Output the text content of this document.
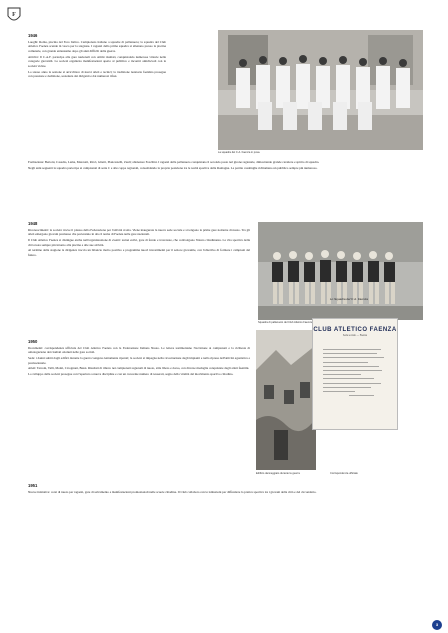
F
1946

Luoghi: Roma, piscina del Foro Italico. Campionato italiano a squadre di pallanuoto; la squadra del Club Atletico Faenza scende in vasca per la stagione. I ragazzi della prima squadra si allenano presso la piscina comunale, con grande entusiasmo dopo gli anni difficili della guerra.

Attività: Il C.A.F. partecipa alle gare nazionali con ottimi risultati, conquistando numerose vittorie nelle categorie giovanili. La società organizza manifestazioni aperte al pubblico e incontri amichevoli con le società vicine.

Lo stesso anno la sezione si arricchisce di nuovi atleti e tecnici; la tradizione natatoria faentina prosegue con passione e dedizione, sostenuta dai dirigenti e dai numerosi tifosi.

La squadra del C.A. Faenza in posa.

Formazione: Bertoni, Casadio, Lama, Mazzotti, Ricci, Ghetti, Piancastelli, Zauli; allenatore Foschini. I ragazzi della pallanuoto conquistano il secondo posto nel girone regionale, dimostrando grande carattere e spirito di squadra.

Negli anni seguenti la squadra partecipa ai campionati di serie C e alle coppe regionali, consolidando la propria posizione tra le realtà sportive della Romagna. Le partite casalinghe richiamano un pubblico sempre più numeroso.

1948

Riconoscimenti: la società riceve il plauso della Federazione per l'attività svolta. Viene inaugurata la nuova sede sociale e si tengono le prime gare notturne di nuoto. Tra gli atleti emergono giovani promesse che porteranno in alto il nome di Faenza nelle gare nazionali.

Il Club Atletico Faenza si distingue anche nell'organizzazione di eventi: tornei estivi, gare di fondo e traversate, che coinvolgono l'intera cittadinanza. La vita sportiva della città ruota sempre più intorno alla piscina e alle sue attività.

Al termine della stagione la dirigenza traccia un bilancio molto positivo e programma nuovi investimenti per il settore giovanile, con l'obiettivo di formare i campioni del futuro.

Lo Squadra del C.A. Faenza
Squadra di pallanuoto del Club Atletico Faenza
1950

Documenti: corrispondenza ufficiale del Club Atletico Faenza con la Federazione Italiana Nuoto. Le lettere testimoniano l'iscrizione ai campionati e la richiesta di omologazione dei risultati ottenuti nelle gare sociali.

Sede: i danni subiti dagli edifici durante la guerra vengono lentamente riparati; la società si impegna nella ricostruzione degli impianti e nella ripresa dell'attività agonistica e promozionale.

Atleti: Tarroni, Valli, Monti, Cicognani, Bassi. Risultati di rilievo nei campionati regionali di nuoto, stile libero e dorso, con diverse medaglie conquistate dagli atleti faentini.

Lo sviluppo della società prosegue con l'apertura a nuove discipline e con un crescente numero di tesserati, segno della vitalità del movimento sportivo cittadino.

Edificio danneggiato durante la guerra
CLUB ATLETICO FAENZA
Sede sociale — Faenza
Corrispondenza ufficiale
1951

Nuove iniziative: corsi di nuoto per ragazzi, gare di salvamento e manifestazioni promozionali nelle scuole cittadine. Il Club collabora con le istituzioni per diffondere la pratica sportiva tra i giovani della città e del circondario.

3
